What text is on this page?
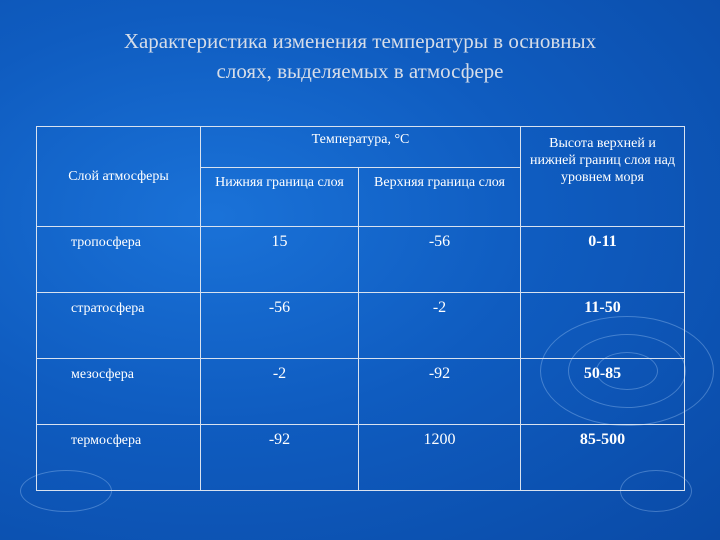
Характеристика изменения температуры в основных
слоях, выделяемых в атмосфере
Слой атмосферы	Температура, °С		Высота верхней и нижней границ слоя над уровнем моря
	Нижняя граница слоя	Верхняя граница слоя	
тропосфера	15	-56	0-11
стратосфера	-56	-2	11-50
мезосфера	-2	-92	50-85
термосфера	-92	1200	85-500
